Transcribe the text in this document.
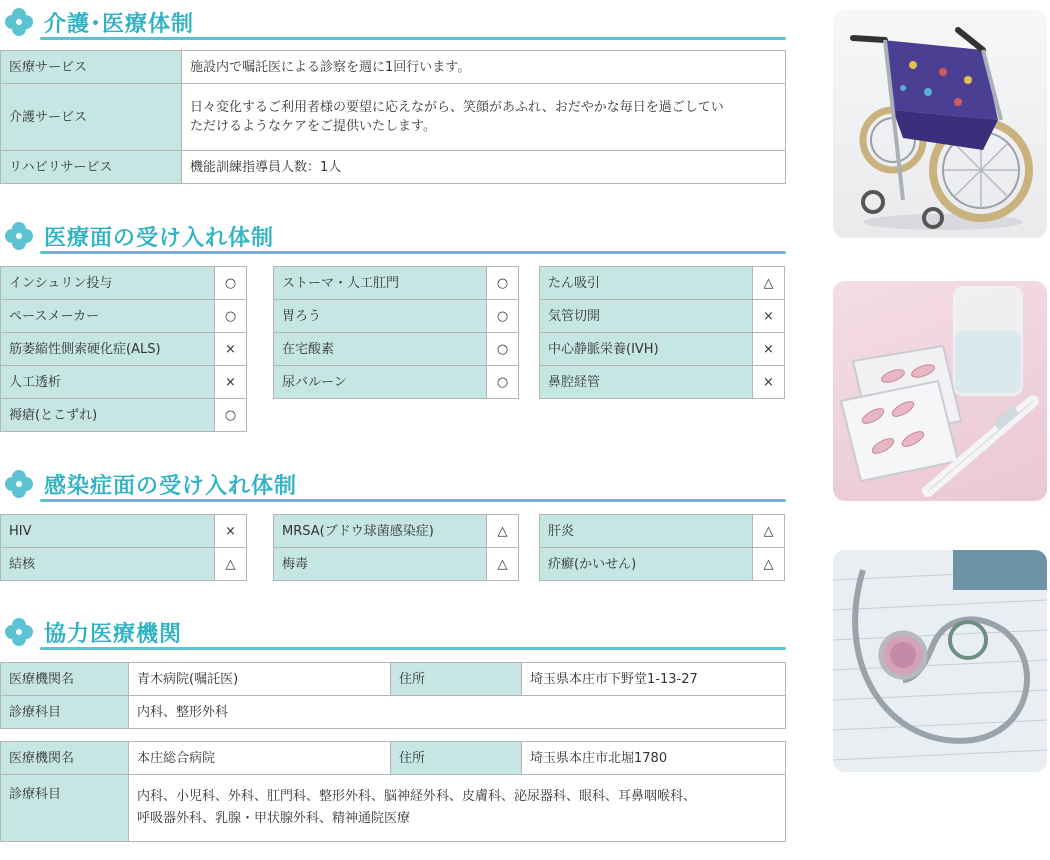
介護･医療体制
医療サービス	施設内で嘱託医による診察を週に1回行います。
介護サービス	日々変化するご利用者様の要望に応えながら、笑顔があふれ、おだやかな毎日を過ごしてい
ただけるようなケアをご提供いたします。

リハビリサービス	機能訓練指導員人数：1人
医療面の受け入れ体制
インシュリン投与	○
ペースメーカー	○
筋萎縮性側索硬化症(ALS)	×
人工透析	×
褥瘡(とこずれ)	○
ストーマ・人工肛門	○
胃ろう	○
在宅酸素	○
尿バルーン	○
たん吸引	△
気管切開	×
中心静脈栄養(IVH)	×
鼻腔経管	×
感染症面の受け入れ体制
HIV	×
結核	△
MRSA(ブドウ球菌感染症)	△
梅毒	△
肝炎	△
疥癬(かいせん)	△
協力医療機関
医療機関名	青木病院(嘱託医)	住所	埼玉県本庄市下野堂1-13-27
診療科目	内科、整形外科		
医療機関名	本庄総合病院	住所	埼玉県本庄市北堀1780
診療科目	内科、小児科、外科、肛門科、整形外科、脳神経外科、皮膚科、泌尿器科、眼科、耳鼻咽喉科、
呼吸器外科、乳腺・甲状腺外科、精神通院医療		
